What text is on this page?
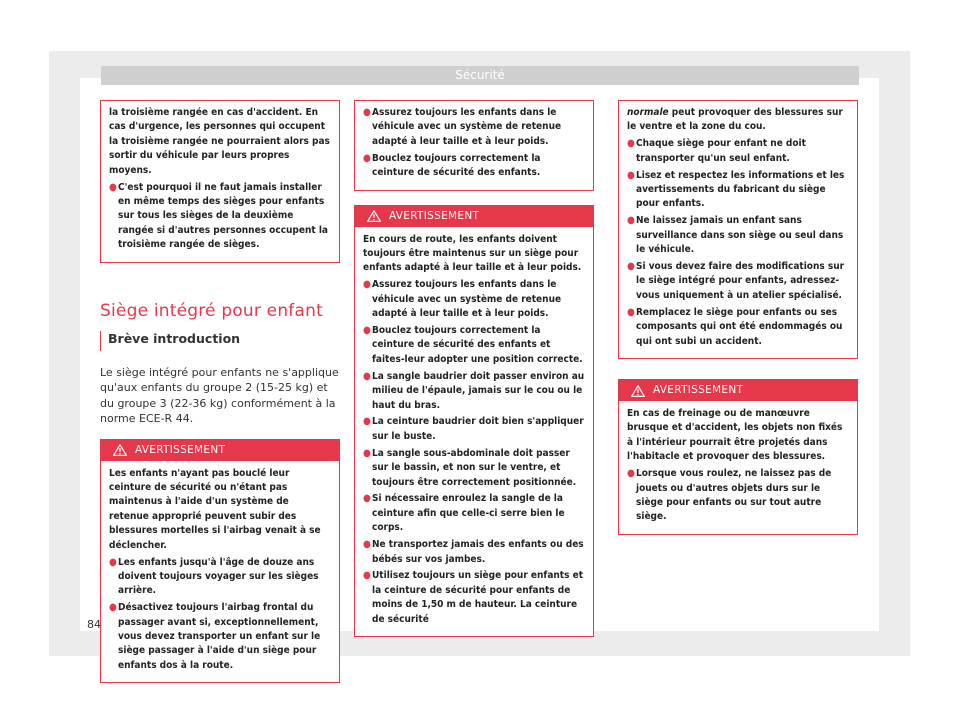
Sécurité

la troisième rangée en cas d'accident. En cas d'urgence, les personnes qui occupent la troisième rangée ne pourraient alors pas sortir du véhicule par leurs propres moyens.

● C'est pourquoi il ne faut jamais installer en même temps des sièges pour enfants sur tous les sièges de la deuxième rangée si d'autres personnes occupent la troisième rangée de sièges.
Siège intégré pour enfant
Brève introduction

Le siège intégré pour enfants ne s'applique qu'aux enfants du groupe 2 (15-25 kg) et du groupe 3 (22-36 kg) conformément à la norme ECE-R 44.

AVERTISSEMENT

Les enfants n'ayant pas bouclé leur ceinture de sécurité ou n'étant pas maintenus à l'aide d'un système de retenue approprié peuvent subir des blessures mortelles si l'airbag venait à se déclencher.

● Les enfants jusqu'à l'âge de douze ans doivent toujours voyager sur les sièges arrière.
● Désactivez toujours l'airbag frontal du passager avant si, exceptionnellement, vous devez transporter un enfant sur le siège passager à l'aide d'un siège pour enfants dos à la route.
● Assurez toujours les enfants dans le véhicule avec un système de retenue adapté à leur taille et à leur poids.
● Bouclez toujours correctement la ceinture de sécurité des enfants.
AVERTISSEMENT

En cours de route, les enfants doivent toujours être maintenus sur un siège pour enfants adapté à leur taille et à leur poids.

● Assurez toujours les enfants dans le véhicule avec un système de retenue adapté à leur taille et à leur poids.
● Bouclez toujours correctement la ceinture de sécurité des enfants et faites-leur adopter une position correcte.
● La sangle baudrier doit passer environ au milieu de l'épaule, jamais sur le cou ou le haut du bras.
● La ceinture baudrier doit bien s'appliquer sur le buste.
● La sangle sous-abdominale doit passer sur le bassin, et non sur le ventre, et toujours être correctement positionnée.
● Si nécessaire enroulez la sangle de la ceinture afin que celle-ci serre bien le corps.
● Ne transportez jamais des enfants ou des bébés sur vos jambes.
● Utilisez toujours un siège pour enfants et la ceinture de sécurité pour enfants de moins de 1,50 m de hauteur. La ceinture de sécurité

normale peut provoquer des blessures sur le ventre et la zone du cou.

● Chaque siège pour enfant ne doit transporter qu'un seul enfant.
● Lisez et respectez les informations et les avertissements du fabricant du siège pour enfants.
● Ne laissez jamais un enfant sans surveillance dans son siège ou seul dans le véhicule.
● Si vous devez faire des modifications sur le siège intégré pour enfants, adressez-vous uniquement à un atelier spécialisé.
● Remplacez le siège pour enfants ou ses composants qui ont été endommagés ou qui ont subi un accident.
AVERTISSEMENT

En cas de freinage ou de manœuvre brusque et d'accident, les objets non fixés à l'intérieur pourrait être projetés dans l'habitacle et provoquer des blessures.

● Lorsque vous roulez, ne laissez pas de jouets ou d'autres objets durs sur le siège pour enfants ou sur tout autre siège.
84
